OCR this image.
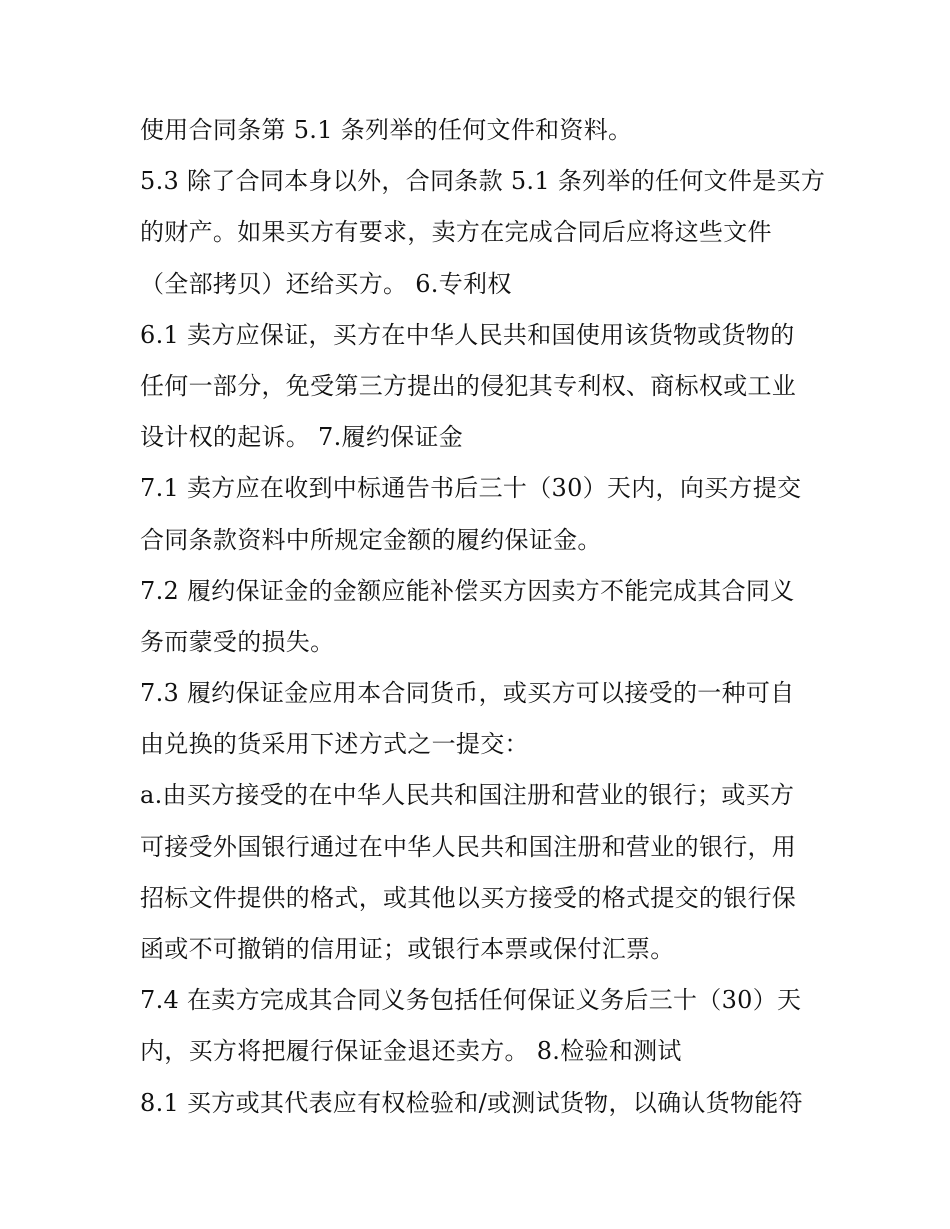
使用合同条第 5.1 条列举的任何文件和资料。
5.3 除了合同本身以外，合同条款 5.1 条列举的任何文件是买方
的财产。如果买方有要求，卖方在完成合同后应将这些文件
（全部拷贝）还给买方。 6.专利权
6.1 卖方应保证，买方在中华人民共和国使用该货物或货物的
任何一部分，免受第三方提出的侵犯其专利权、商标权或工业
设计权的起诉。 7.履约保证金
7.1 卖方应在收到中标通告书后三十（30）天内，向买方提交
合同条款资料中所规定金额的履约保证金。
7.2 履约保证金的金额应能补偿买方因卖方不能完成其合同义
务而蒙受的损失。
7.3 履约保证金应用本合同货币，或买方可以接受的一种可自
由兑换的货采用下述方式之一提交：
a.由买方接受的在中华人民共和国注册和营业的银行；或买方
可接受外国银行通过在中华人民共和国注册和营业的银行，用
招标文件提供的格式，或其他以买方接受的格式提交的银行保
函或不可撤销的信用证；或银行本票或保付汇票。
7.4 在卖方完成其合同义务包括任何保证义务后三十（30）天
内，买方将把履行保证金退还卖方。 8.检验和测试
8.1 买方或其代表应有权检验和/或测试货物，以确认货物能符
